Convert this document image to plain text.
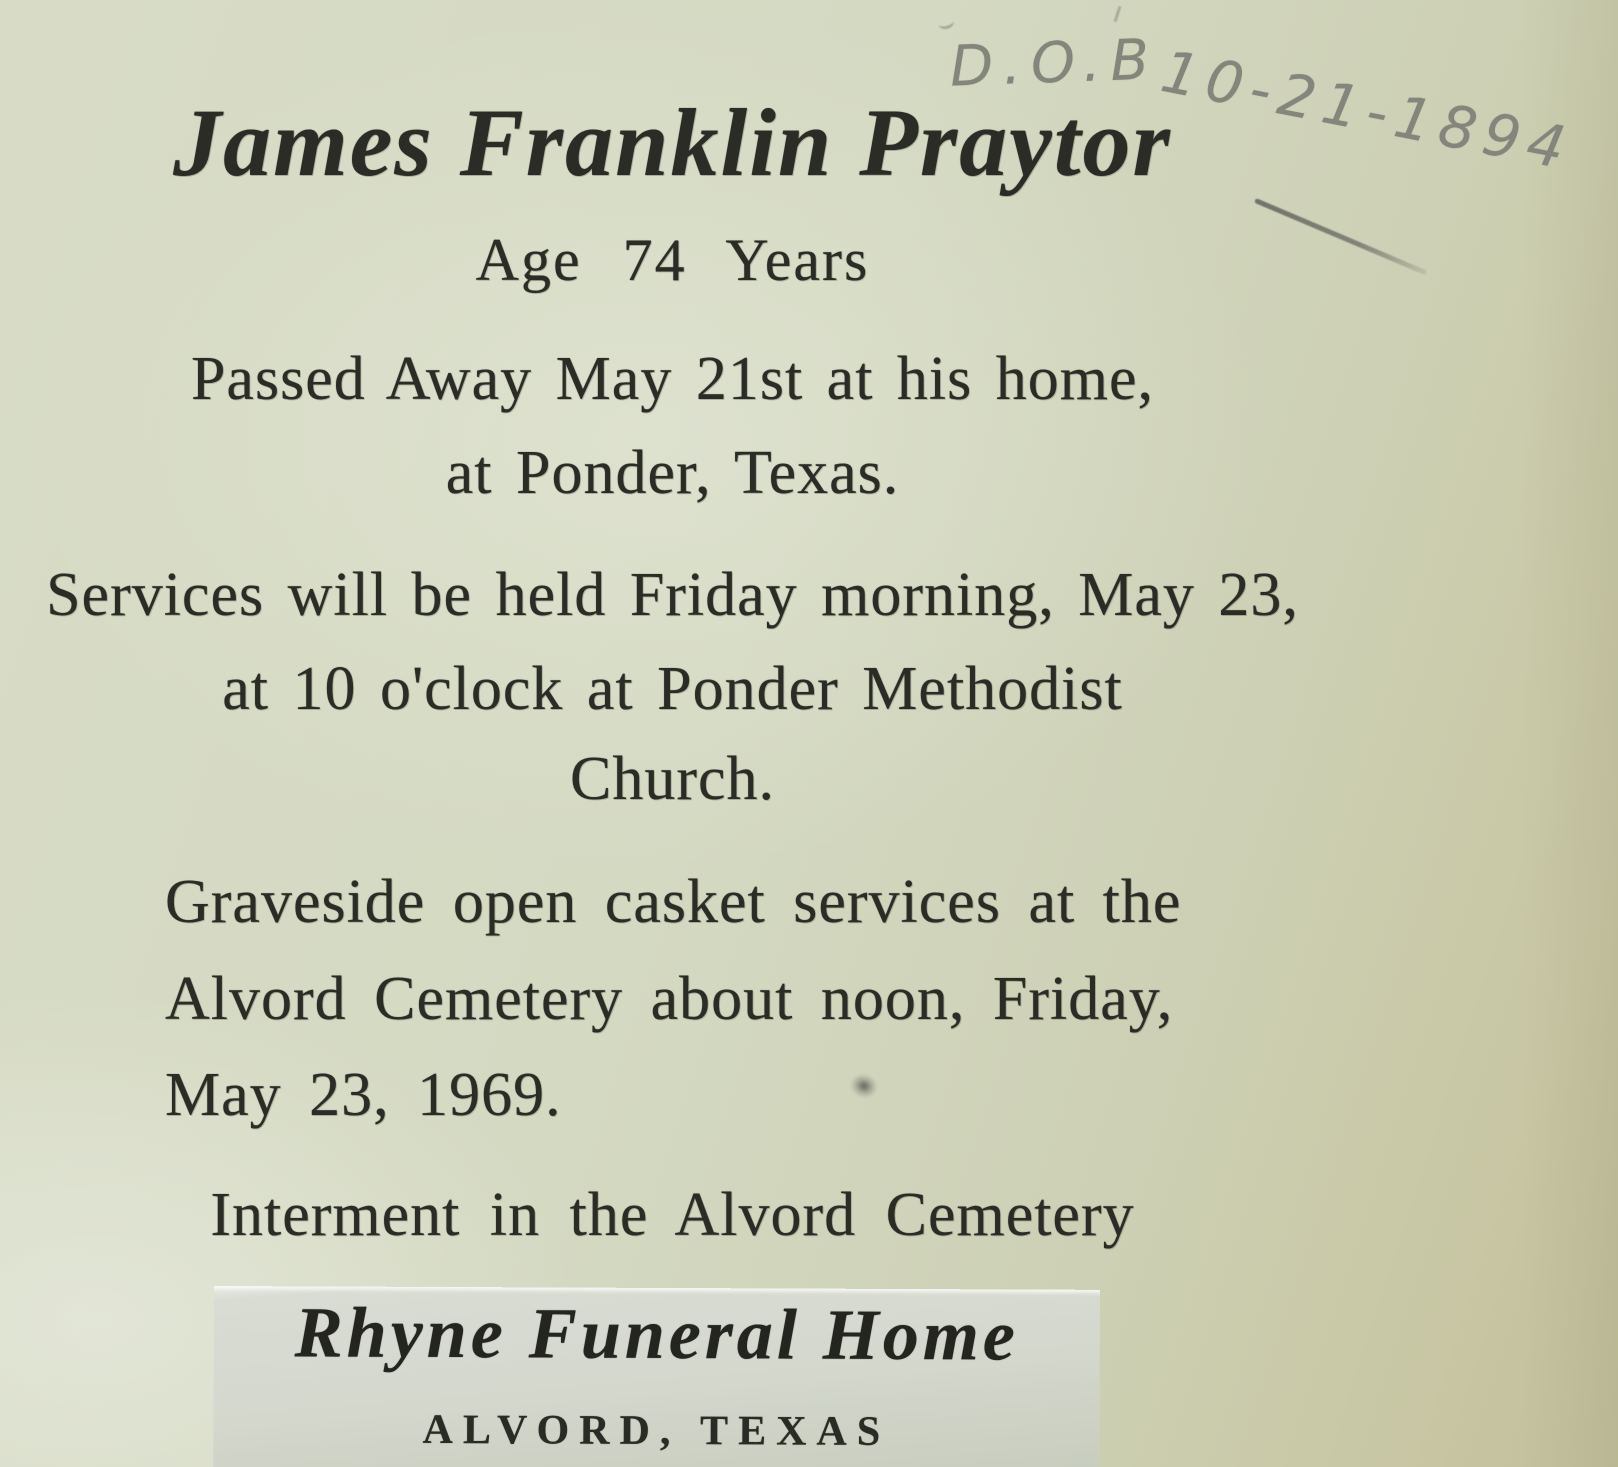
D.O.B
10-21-1894
James Franklin Praytor
Age 74 Years
Passed Away May 21st at his home,
at Ponder, Texas.
Services will be held Friday morning, May 23,
at 10 o'clock at Ponder Methodist
Church.
Graveside open casket services at the
Alvord Cemetery about noon, Friday,
May 23, 1969.
Interment in the Alvord Cemetery
Rhyne Funeral Home
ALVORD, TEXAS
